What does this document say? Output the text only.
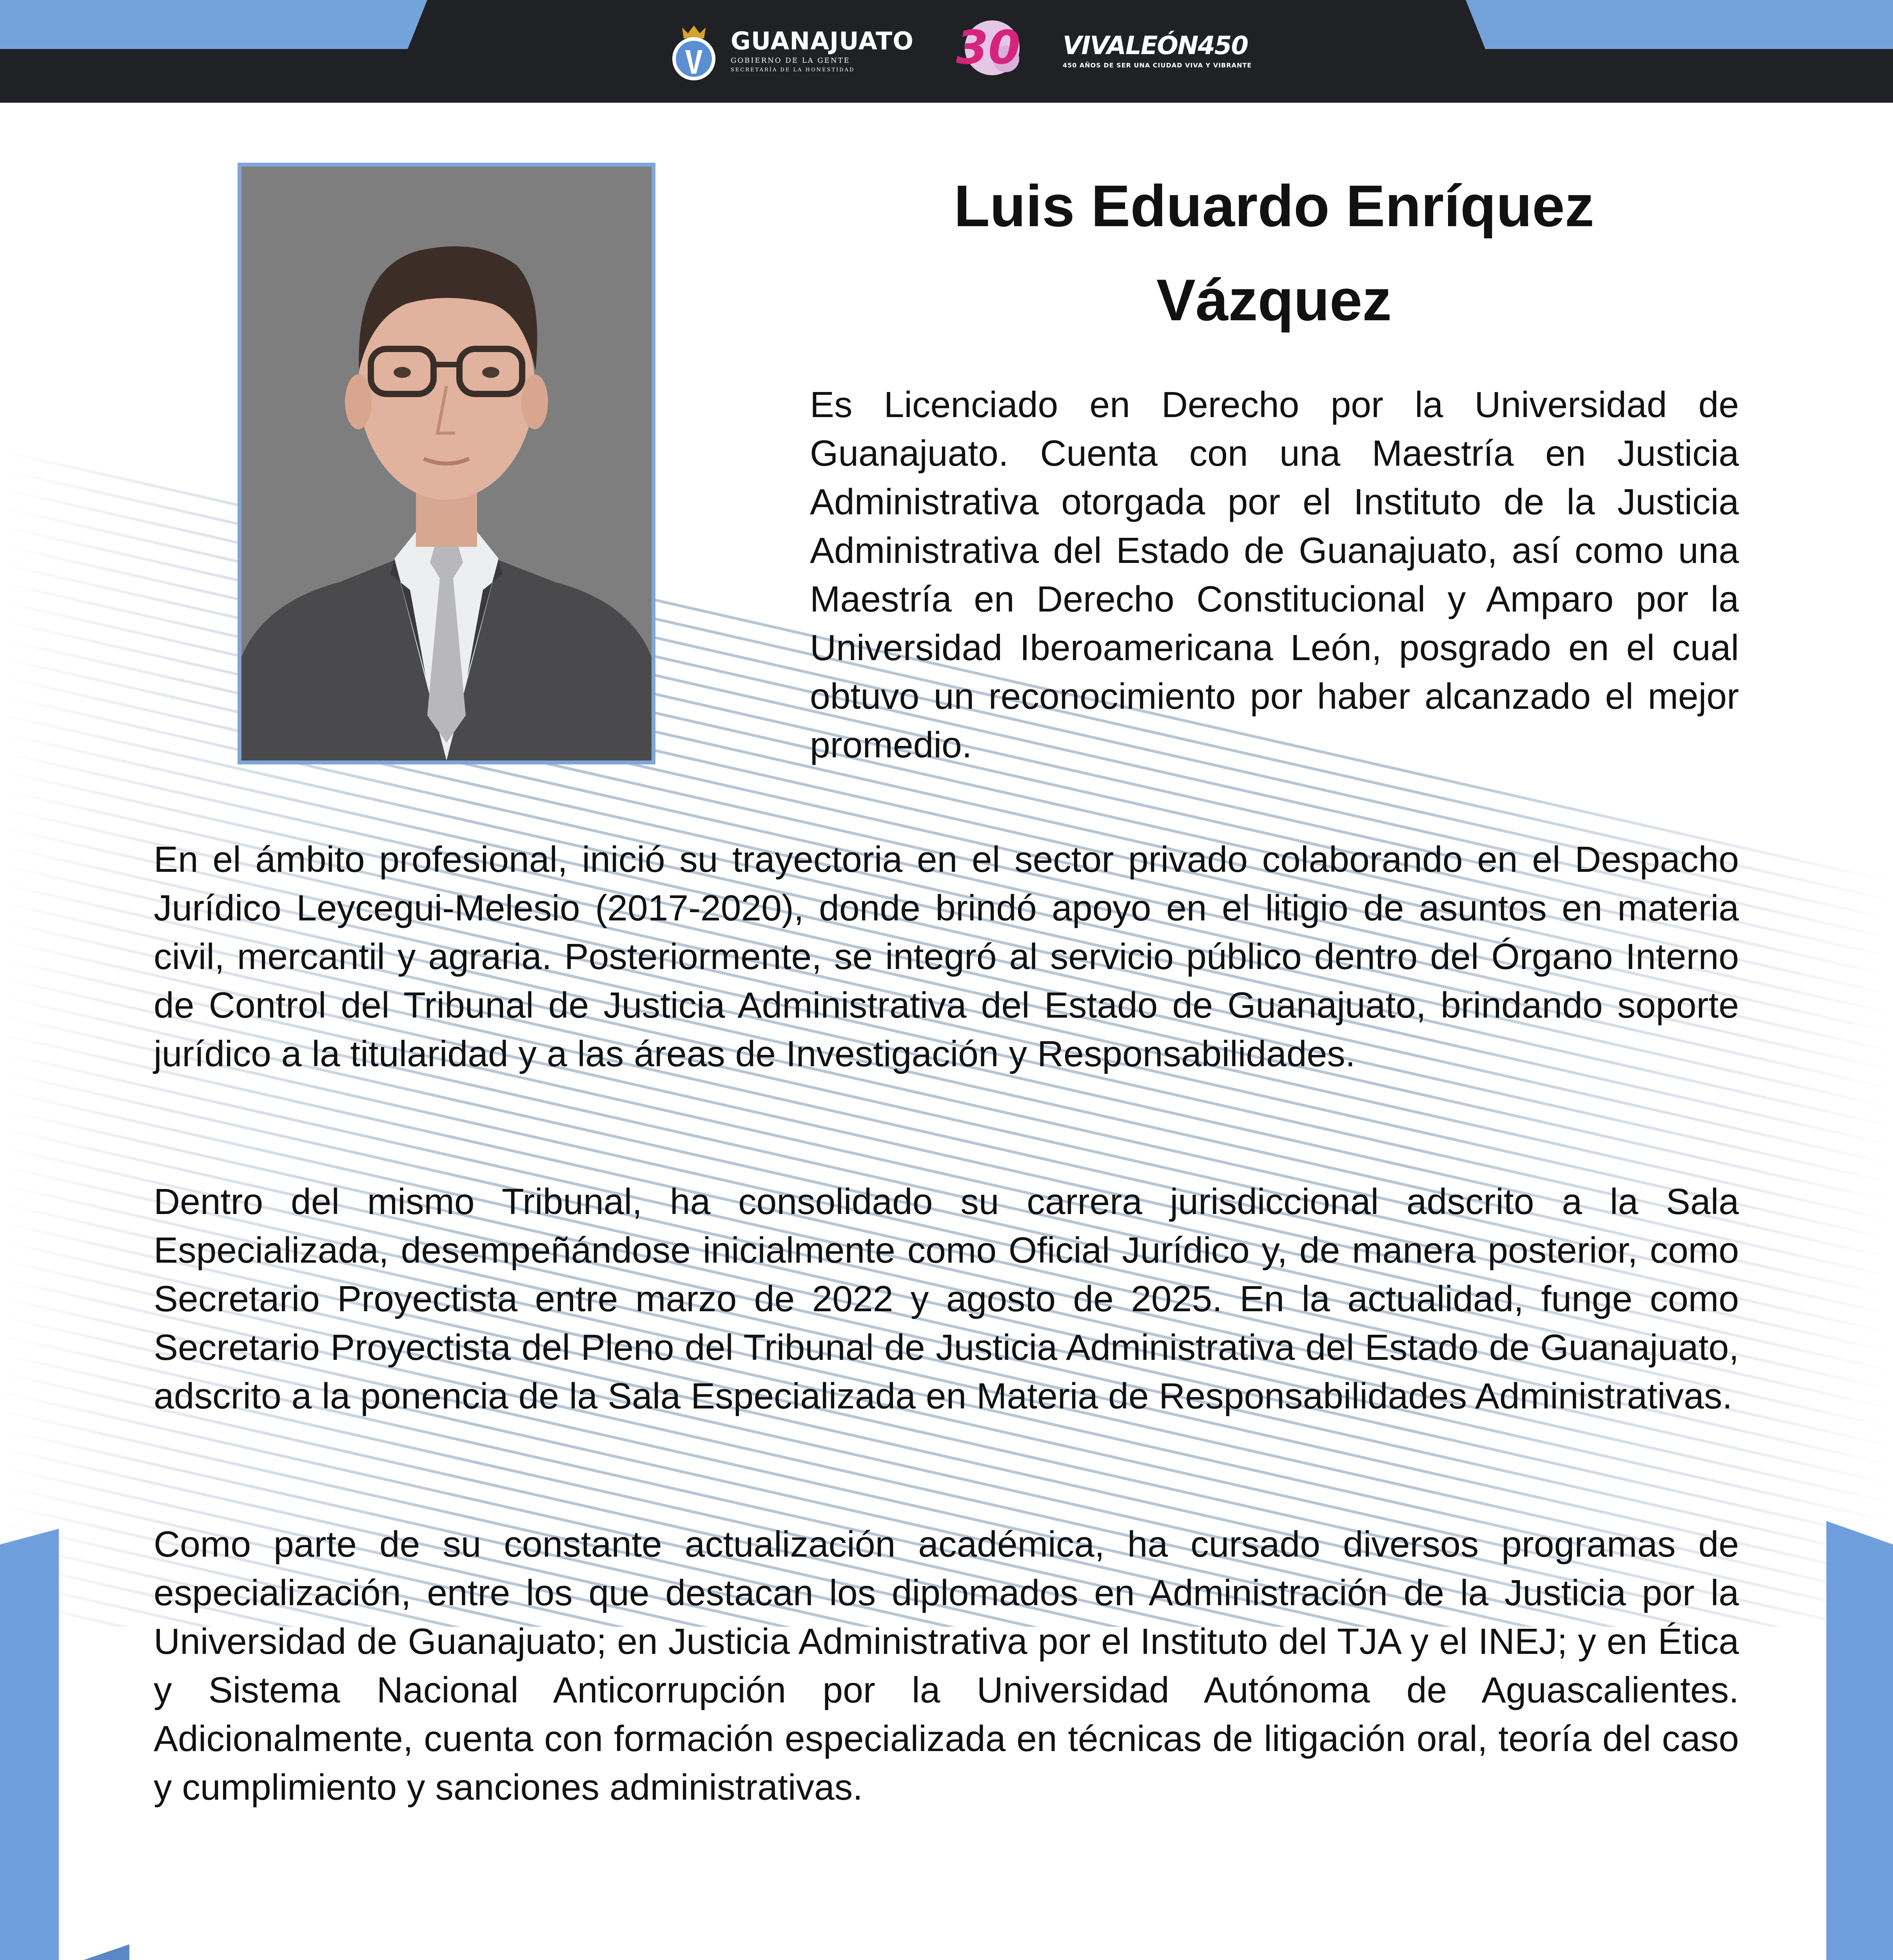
GUANAJUATO
GOBIERNO DE LA GENTE
SECRETARÍA DE LA HONESTIDAD	30 VIVALEÓN450
450 AÑOS DE SER UNA CIUDAD VIVA Y VIBRANTE
Luis Eduardo Enríquez
Vázquez

Es Licenciado en Derecho por la Universidad de Guanajuato. Cuenta con una Maestría en Justicia Administrativa otorgada por el Instituto de la Justicia Administrativa del Estado de Guanajuato, así como una Maestría en Derecho Constitucional y Amparo por la Universidad Iberoamericana León, posgrado en el cual obtuvo un reconocimiento por haber alcanzado el mejor promedio.

En el ámbito profesional, inició su trayectoria en el sector privado colaborando en el Despacho Jurídico Leycegui-Melesio (2017-2020), donde brindó apoyo en el litigio de asuntos en materia civil, mercantil y agraria. Posteriormente, se integró al servicio público dentro del Órgano Interno de Control del Tribunal de Justicia Administrativa del Estado de Guanajuato, brindando soporte jurídico a la titularidad y a las áreas de Investigación y Responsabilidades.

Dentro del mismo Tribunal, ha consolidado su carrera jurisdiccional adscrito a la Sala Especializada, desempeñándose inicialmente como Oficial Jurídico y, de manera posterior, como Secretario Proyectista entre marzo de 2022 y agosto de 2025. En la actualidad, funge como Secretario Proyectista del Pleno del Tribunal de Justicia Administrativa del Estado de Guanajuato, adscrito a la ponencia de la Sala Especializada en Materia de Responsabilidades Administrativas.

Como parte de su constante actualización académica, ha cursado diversos programas de especialización, entre los que destacan los diplomados en Administración de la Justicia por la Universidad de Guanajuato; en Justicia Administrativa por el Instituto del TJA y el INEJ; y en Ética y Sistema Nacional Anticorrupción por la Universidad Autónoma de Aguascalientes. Adicionalmente, cuenta con formación especializada en técnicas de litigación oral, teoría del caso y cumplimiento y sanciones administrativas.
